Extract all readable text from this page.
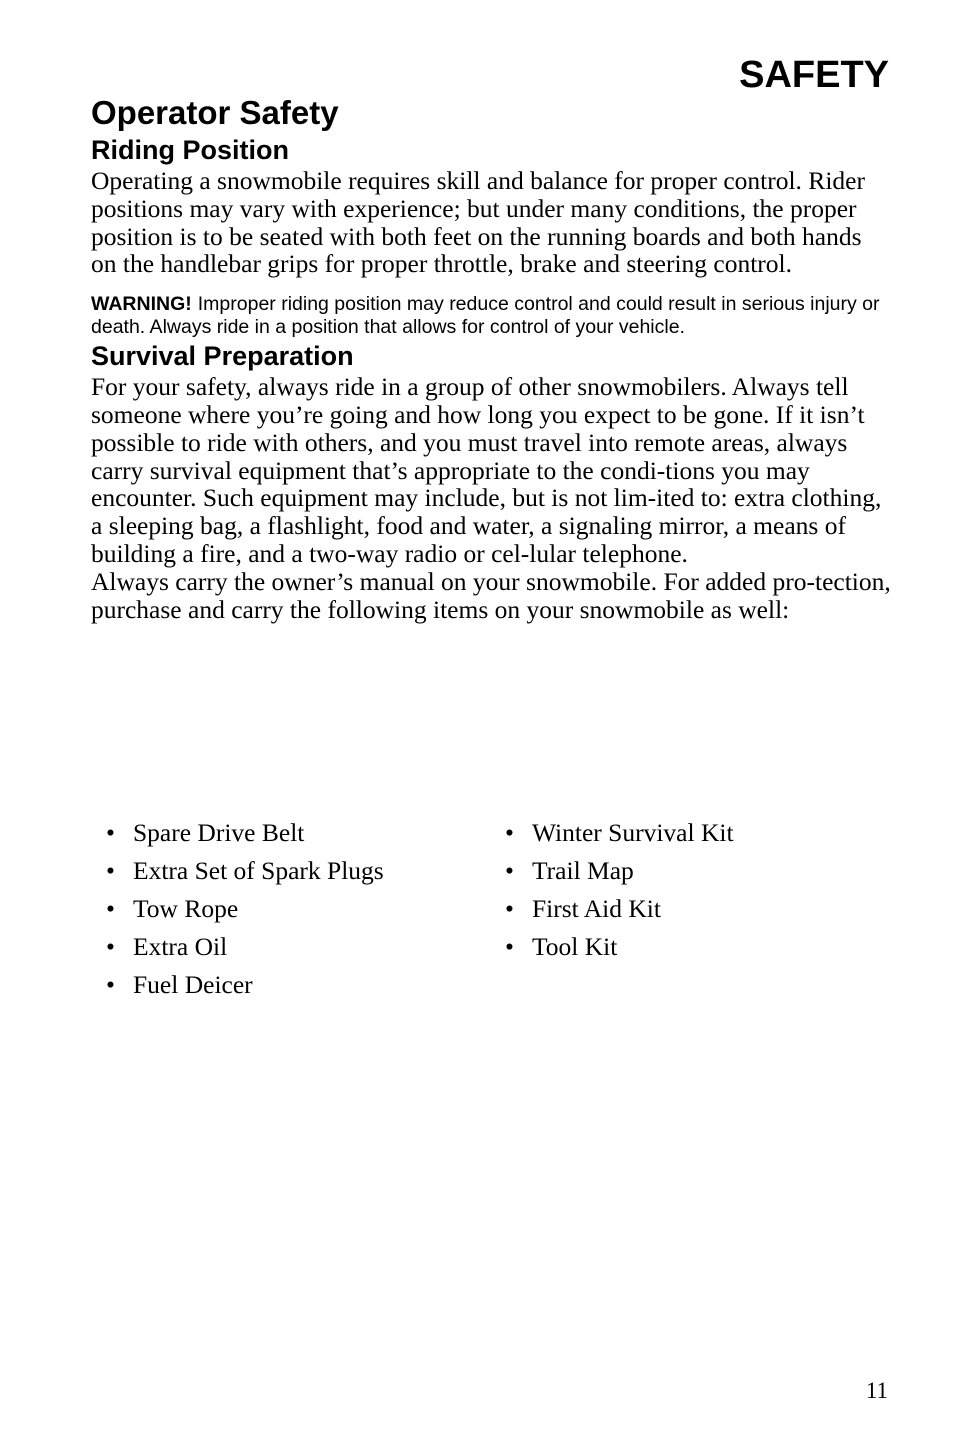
SAFETY
Operator Safety
Riding Position

Operating a snowmobile requires skill and balance for proper control. Rider positions may vary with experience; but under many conditions, the proper position is to be seated with both feet on the running boards and both hands on the handlebar grips for proper throttle, brake and steering control.

WARNING! Improper riding position may reduce control and could result in serious injury or death. Always ride in a position that allows for control of your vehicle.

Survival Preparation

For your safety, always ride in a group of other snowmobilers. Always tell someone where you’re going and how long you expect to be gone. If it isn’t possible to ride with others, and you must travel into remote areas, always carry survival equipment that’s appropriate to the condi-tions you may encounter. Such equipment may include, but is not lim-ited to: extra clothing, a sleeping bag, a flashlight, food and water, a signaling mirror, a means of building a fire, and a two-way radio or cel-lular telephone.

Always carry the owner’s manual on your snowmobile. For added pro-tection, purchase and carry the following items on your snowmobile as well:

• Spare Drive Belt
• Extra Set of Spark Plugs
• Tow Rope
• Extra Oil
• Fuel Deicer
• Winter Survival Kit
• Trail Map
• First Aid Kit
• Tool Kit

11
